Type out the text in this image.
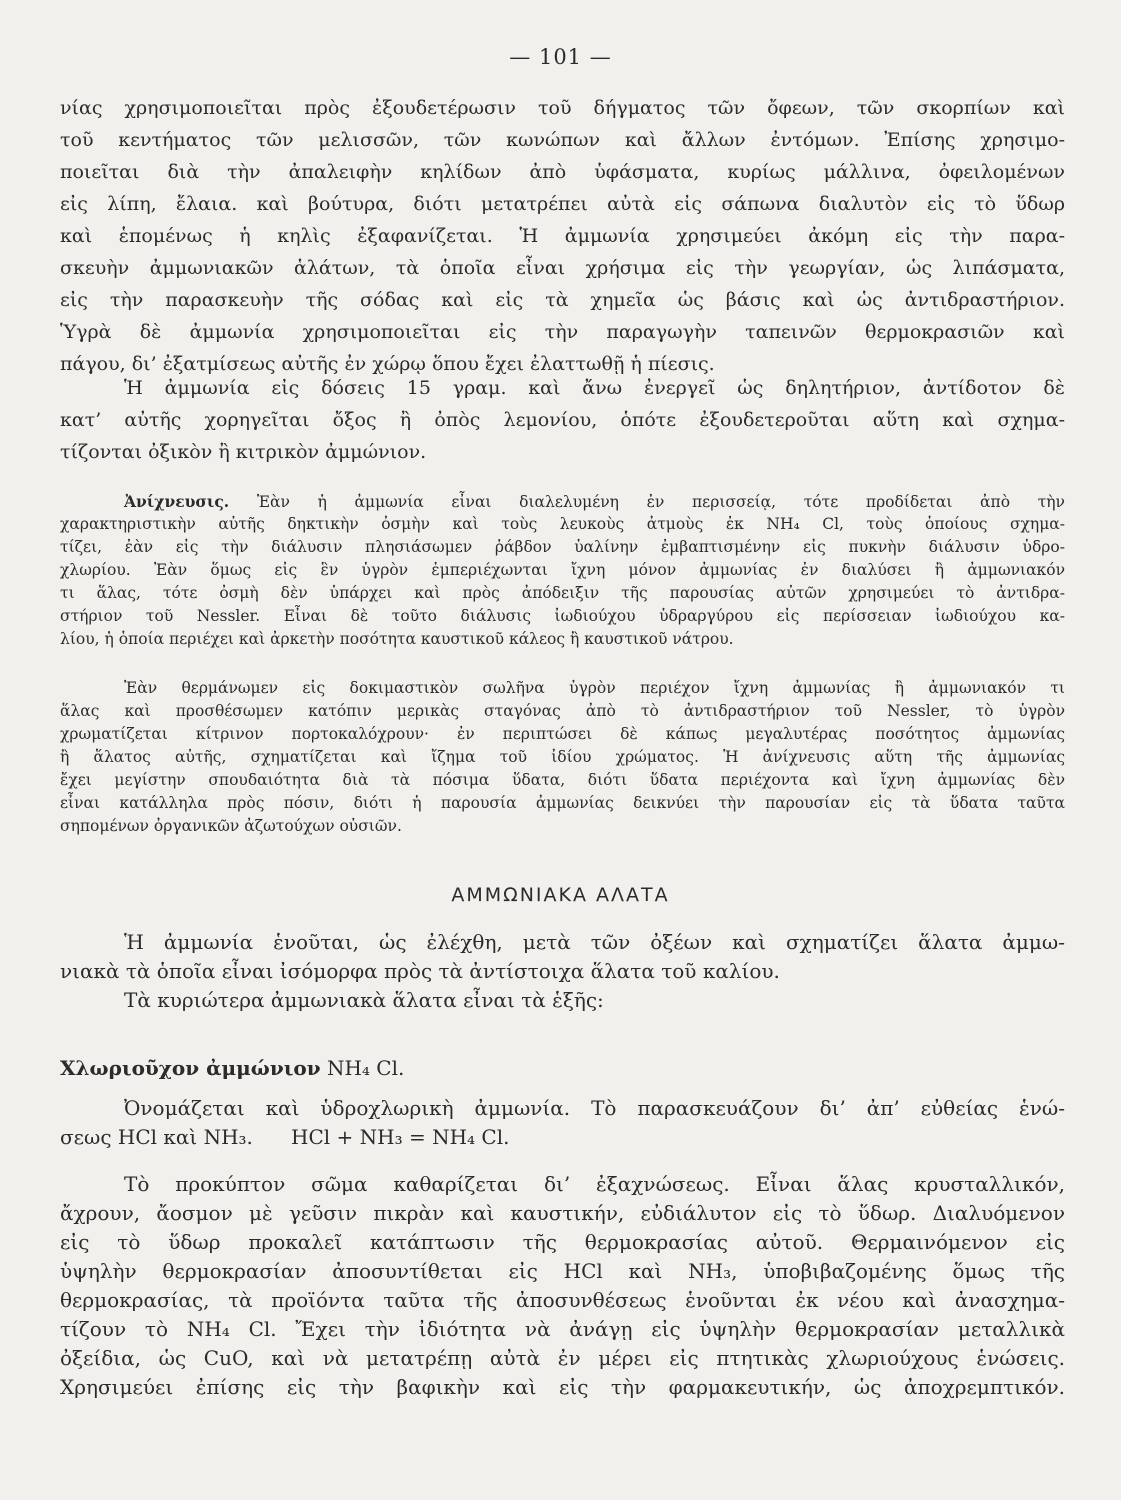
— 101 —
νίας χρησιμοποιεῖται πρὸς ἐξουδετέρωσιν τοῦ δήγματος τῶν ὄφεων, τῶν σκορπίων καὶ
τοῦ κεντήματος τῶν μελισσῶν, τῶν κωνώπων καὶ ἄλλων ἐντόμων. Ἐπίσης χρησιμο-
ποιεῖται διὰ τὴν ἀπαλειφὴν κηλίδων ἀπὸ ὑφάσματα, κυρίως μάλλινα, ὀφειλομένων
εἰς λίπη, ἔλαια. καὶ βούτυρα, διότι μετατρέπει αὐτὰ εἰς σάπωνα διαλυτὸν εἰς τὸ ὕδωρ
καὶ ἑπομένως ἡ κηλὶς ἐξαφανίζεται. Ἡ ἀμμωνία χρησιμεύει ἀκόμη εἰς τὴν παρα-
σκευὴν ἀμμωνιακῶν ἁλάτων, τὰ ὁποῖα εἶναι χρήσιμα εἰς τὴν γεωργίαν, ὡς λιπάσματα,
εἰς τὴν παρασκευὴν τῆς σόδας καὶ εἰς τὰ χημεῖα ὡς βάσις καὶ ὡς ἀντιδραστήριον.
Ὑγρὰ δὲ ἀμμωνία χρησιμοποιεῖται εἰς τὴν παραγωγὴν ταπεινῶν θερμοκρασιῶν καὶ
πάγου, δι’ ἐξατμίσεως αὐτῆς ἐν χώρῳ ὅπου ἔχει ἐλαττωθῇ ἡ πίεσις.
Ἡ ἀμμωνία εἰς δόσεις 15 γραμ. καὶ ἄνω ἐνεργεῖ ὡς δηλητήριον, ἀντίδοτον δὲ
κατ’ αὐτῆς χορηγεῖται ὄξος ἢ ὀπὸς λεμονίου, ὁπότε ἐξουδετεροῦται αὕτη καὶ σχημα-
τίζονται ὀξικὸν ἢ κιτρικὸν ἀμμώνιον.
Ἀνίχνευσις. Ἐὰν ἡ ἀμμωνία εἶναι διαλελυμένη ἐν περισσείᾳ, τότε προδίδεται ἀπὸ τὴν
χαρακτηριστικὴν αὐτῆς δηκτικὴν ὀσμὴν καὶ τοὺς λευκοὺς ἀτμοὺς ἐκ NH₄ Cl, τοὺς ὁποίους σχημα-
τίζει, ἐὰν εἰς τὴν διάλυσιν πλησιάσωμεν ῥάβδον ὑαλίνην ἐμβαπτισμένην εἰς πυκνὴν διάλυσιν ὑδρο-
χλωρίου. Ἐὰν ὅμως εἰς ἓν ὑγρὸν ἐμπεριέχωνται ἴχνη μόνον ἀμμωνίας ἐν διαλύσει ἢ ἀμμωνιακόν
τι ἅλας, τότε ὀσμὴ δὲν ὑπάρχει καὶ πρὸς ἀπόδειξιν τῆς παρουσίας αὐτῶν χρησιμεύει τὸ ἀντιδρα-
στήριον τοῦ Nessler. Εἶναι δὲ τοῦτο διάλυσις ἰωδιούχου ὑδραργύρου εἰς περίσσειαν ἰωδιούχου κα-
λίου, ἡ ὁποία περιέχει καὶ ἀρκετὴν ποσότητα καυστικοῦ κάλεος ἢ καυστικοῦ νάτρου.
Ἐὰν θερμάνωμεν εἰς δοκιμαστικὸν σωλῆνα ὑγρὸν περιέχον ἴχνη ἀμμωνίας ἢ ἀμμωνιακόν τι
ἅλας καὶ προσθέσωμεν κατόπιν μερικὰς σταγόνας ἀπὸ τὸ ἀντιδραστήριον τοῦ Nessler, τὸ ὑγρὸν
χρωματίζεται κίτρινον πορτοκαλόχρουν· ἐν περιπτώσει δὲ κάπως μεγαλυτέρας ποσότητος ἀμμωνίας
ἢ ἅλατος αὐτῆς, σχηματίζεται καὶ ἴζημα τοῦ ἰδίου χρώματος. Ἡ ἀνίχνευσις αὕτη τῆς ἀμμωνίας
ἔχει μεγίστην σπουδαιότητα διὰ τὰ πόσιμα ὕδατα, διότι ὕδατα περιέχοντα καὶ ἴχνη ἀμμωνίας δὲν
εἶναι κατάλληλα πρὸς πόσιν, διότι ἡ παρουσία ἀμμωνίας δεικνύει τὴν παρουσίαν εἰς τὰ ὕδατα ταῦτα
σηπομένων ὀργανικῶν ἀζωτούχων οὐσιῶν.
ΑΜΜΩΝΙΑΚΑ ΑΛΑΤΑ
Ἡ ἀμμωνία ἑνοῦται, ὡς ἐλέχθη, μετὰ τῶν ὀξέων καὶ σχηματίζει ἅλατα ἀμμω-
νιακὰ τὰ ὁποῖα εἶναι ἰσόμορφα πρὸς τὰ ἀντίστοιχα ἅλατα τοῦ καλίου.
Τὰ κυριώτερα ἀμμωνιακὰ ἅλατα εἶναι τὰ ἑξῆς:
Χλωριοῦχον ἀμμώνιον NH₄ Cl.
Ὀνομάζεται καὶ ὑδροχλωρικὴ ἀμμωνία. Τὸ παρασκευάζουν δι’ ἀπ’ εὐθείας ἑνώ-
σεως HCl καὶ NH₃.      HCl + NH₃ = NH₄ Cl.
Τὸ προκύπτον σῶμα καθαρίζεται δι’ ἐξαχνώσεως. Εἶναι ἅλας κρυσταλλικόν,
ἄχρουν, ἄοσμον μὲ γεῦσιν πικρὰν καὶ καυστικήν, εὐδιάλυτον εἰς τὸ ὕδωρ. Διαλυόμενον
εἰς τὸ ὕδωρ προκαλεῖ κατάπτωσιν τῆς θερμοκρασίας αὐτοῦ. Θερμαινόμενον εἰς
ὑψηλὴν θερμοκρασίαν ἀποσυντίθεται εἰς HCl καὶ NH₃, ὑποβιβαζομένης ὅμως τῆς
θερμοκρασίας, τὰ προϊόντα ταῦτα τῆς ἀποσυνθέσεως ἑνοῦνται ἐκ νέου καὶ ἀνασχημα-
τίζουν τὸ NH₄ Cl. Ἔχει τὴν ἰδιότητα νὰ ἀνάγῃ εἰς ὑψηλὴν θερμοκρασίαν μεταλλικὰ
ὀξείδια, ὡς CuO, καὶ νὰ μετατρέπῃ αὐτὰ ἐν μέρει εἰς πτητικὰς χλωριούχους ἑνώσεις.
Χρησιμεύει ἐπίσης εἰς τὴν βαφικὴν καὶ εἰς τὴν φαρμακευτικήν, ὡς ἀποχρεμπτικόν.
